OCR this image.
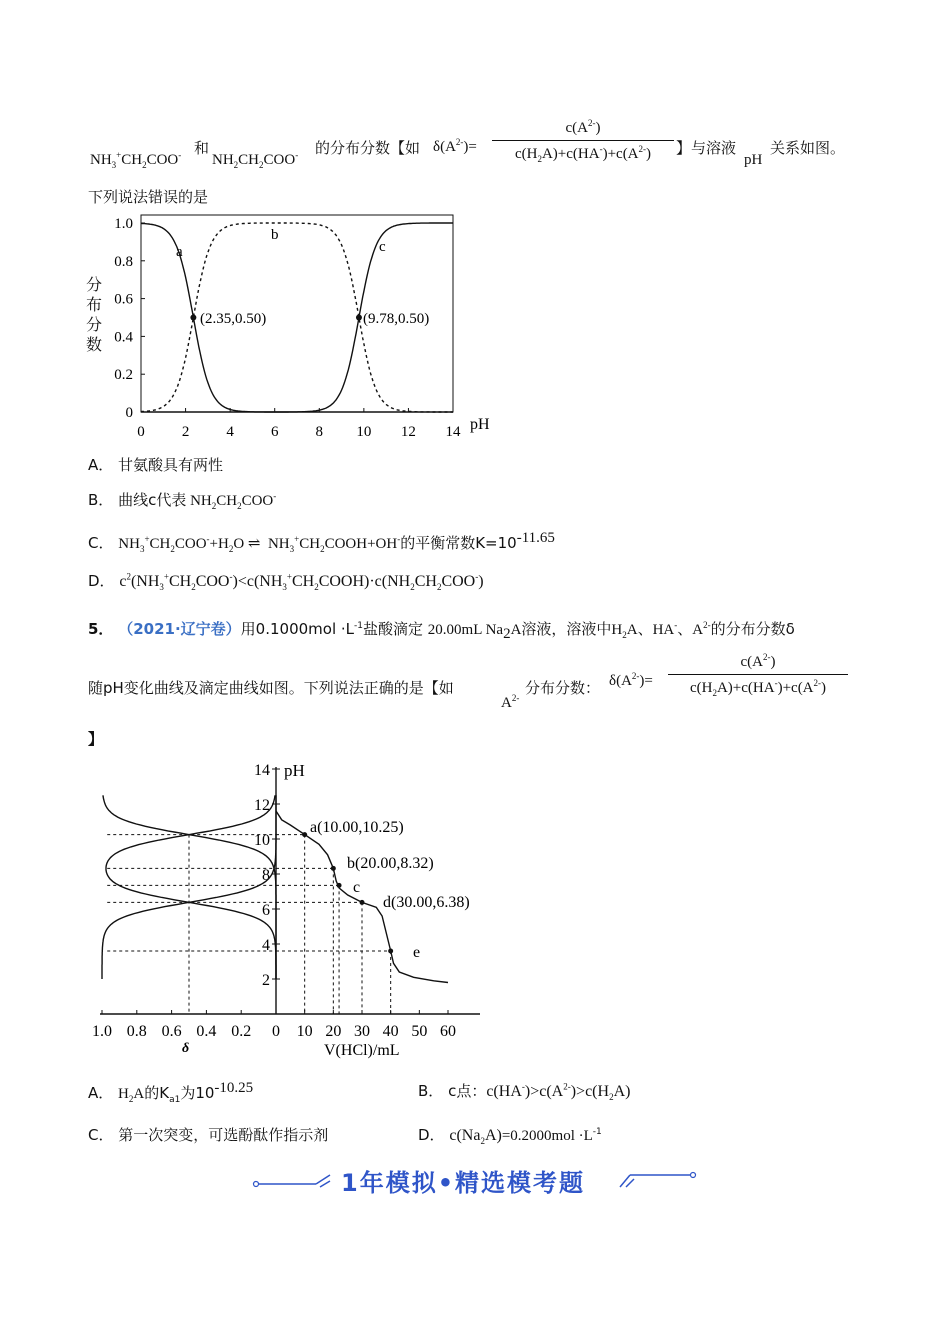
$NH_3^+CH_2COO^-$ 和
$NH_2CH_2COO^-$ 的分布分数【如 $\delta(A^{2-})= \frac{c(A^{2-})}{c(H_2A)+c(HA^-)+c(A^{2-})}$ 】与溶液
pH
关系如图。
下列说法错误的是
0
0.2
0.4
0.6
0.8
1.0
0 2 4 6 8 10 12 14
a
b
c
(2.35,0.50)	(9.78,0.50)
pH
分布分数
A． 甘氨酸具有两性
B． 曲线c代表 $NH_2CH_2COO^-$
C． $NH_3^+CH_2COO^-+H_2O$ ⇌  $NH_3^+CH_2COOH+OH^-$的平衡常数$K=10^{-11.65}$
D． $c^2(NH_3^+CH_2COO^-)<c(NH_3^+CH_2COOH)\cdot c(NH_2CH_2COO^-)$
5． （2021·辽宁卷）用$0.1000mol \cdot L^{-1}$盐酸滴定 20.00mL $Na_2A$溶液，溶液中$H_2A$、HA-、$A^{2-}$的分布分数δ
随pH变化曲线及滴定曲线如图。下列说法正确的是【如
$A^{2-}$
分布分数： $\delta(A^{2-})= \frac{c(A^{2-})}{c(H_2A)+c(HA^-)+c(A^{2-})}$
】
2
4
6
8
10
12
14
0 10 20 30 40 50 60
1.0 0.8 0.6 0.4 0.2
pH
a(10.00,10.25)
b(20.00,8.32)
c
d(30.00,6.38)
e
V(HCl)/mL
δ
A． $H_2A$的$K_{a1}$为$10^{-10.25}$	B． c点：$c(HA^-)>c(A^{2-})>c(H_2A)$
C． 第一次突变，可选酚酞作指示剂	D． $c(Na_2A)=0.2000mol \cdot L^{-1}$
1年模拟•精选模考题
